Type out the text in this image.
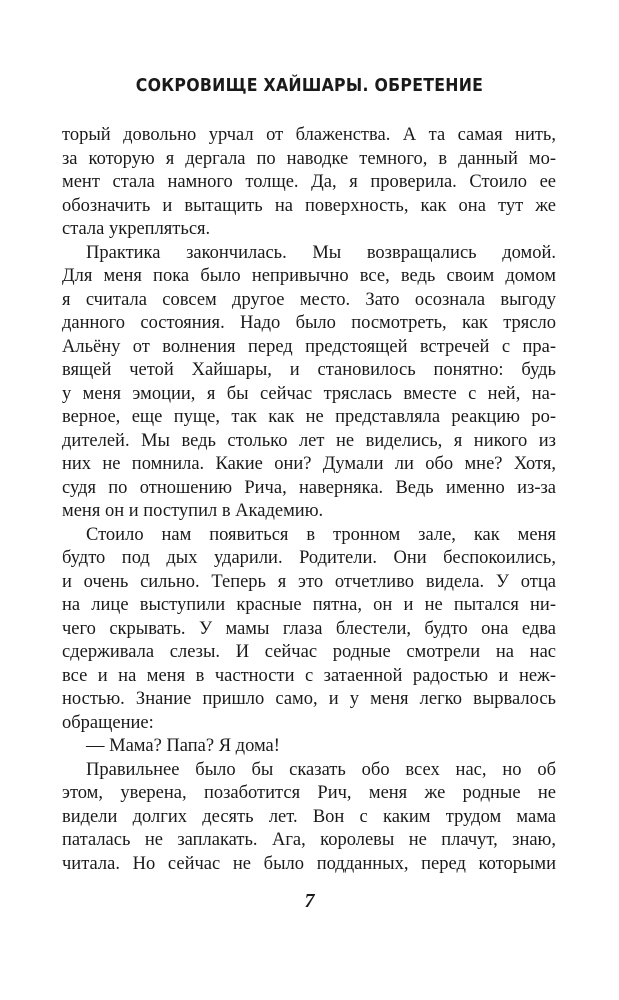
СОКРОВИЩЕ ХАЙШАРЫ. ОБРЕТЕНИЕ
торый довольно урчал от блаженства. А та самая нить,
за которую я дергала по наводке темного, в данный мо-
мент стала намного толще. Да, я проверила. Стоило ее
обозначить и вытащить на поверхность, как она тут же
стала укрепляться.
Практика закончилась. Мы возвращались домой.
Для меня пока было непривычно все, ведь своим домом
я считала совсем другое место. Зато осознала выгоду
данного состояния. Надо было посмотреть, как трясло
Альёну от волнения перед предстоящей встречей с пра-
вящей четой Хайшары, и становилось понятно: будь
у меня эмоции, я бы сейчас тряслась вместе с ней, на-
верное, еще пуще, так как не представляла реакцию ро-
дителей. Мы ведь столько лет не виделись, я никого из
них не помнила. Какие они? Думали ли обо мне? Хотя,
судя по отношению Рича, наверняка. Ведь именно из-за
меня он и поступил в Академию.
Стоило нам появиться в тронном зале, как меня
будто под дых ударили. Родители. Они беспокоились,
и очень сильно. Теперь я это отчетливо видела. У отца
на лице выступили красные пятна, он и не пытался ни-
чего скрывать. У мамы глаза блестели, будто она едва
сдерживала слезы. И сейчас родные смотрели на нас
все и на меня в частности с затаенной радостью и неж-
ностью. Знание пришло само, и у меня легко вырвалось
обращение:
— Мама? Папа? Я дома!
Правильнее было бы сказать обо всех нас, но об
этом, уверена, позаботится Рич, меня же родные не
видели долгих десять лет. Вон с каким трудом мама
паталась не заплакать. Ага, королевы не плачут, знаю,
читала. Но сейчас не было подданных, перед которыми
7
